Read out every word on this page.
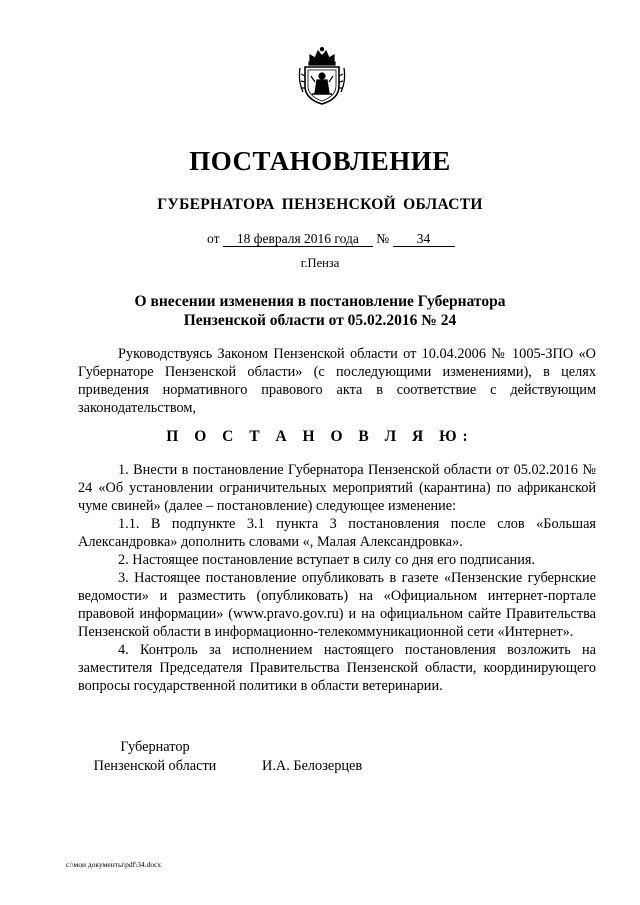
ПОСТАНОВЛЕНИЕ
ГУБЕРНАТОРА ПЕНЗЕНСКОЙ ОБЛАСТИ
от 18 февраля 2016 года № 34
г.Пенза
О внесении изменения в постановление Губернатора
Пензенской области от 05.02.2016 № 24

Руководствуясь Законом Пензенской области от 10.04.2006 № 1005-ЗПО «О Губернаторе Пензенской области» (с последующими изменениями), в целях приведения нормативного правового акта в соответствие с действующим законодательством,

П О С Т А Н О В Л Я Ю:

1. Внести в постановление Губернатора Пензенской области от 05.02.2016 № 24 «Об установлении ограничительных мероприятий (карантина) по африканской чуме свиней» (далее – постановление) следующее изменение:

1.1. В подпункте 3.1 пункта 3 постановления после слов «Большая Александровка» дополнить словами «, Малая Александровка».

2. Настоящее постановление вступает в силу со дня его подписания.

3. Настоящее постановление опубликовать в газете «Пензенские губернские ведомости» и разместить (опубликовать) на «Официальном интернет-портале правовой информации» (www.pravo.gov.ru) и на официальном сайте Правительства Пензенской области в информационно-телекоммуникационной сети «Интернет».

4. Контроль за исполнением настоящего постановления возложить на заместителя Председателя Правительства Пензенской области, координирующего вопросы государственной политики в области ветеринарии.

Губернатор
Пензенской области	И.А. Белозерцев
c:\мои документы\pdf\34.docx
